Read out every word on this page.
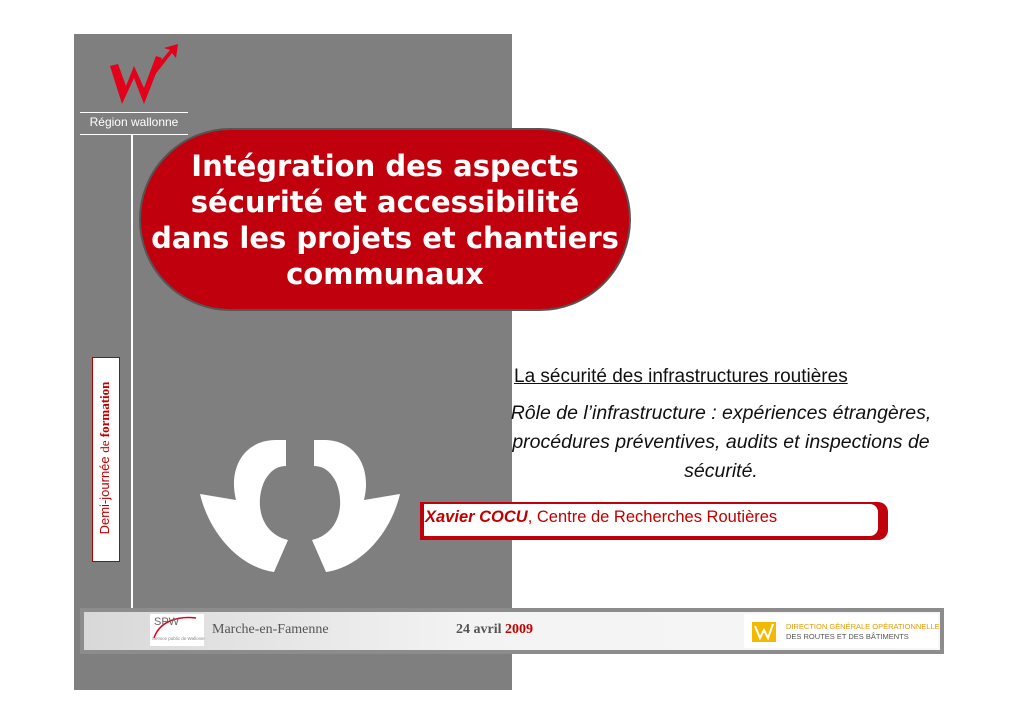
Région wallonne
Demi-journée de formation
Intégration des aspects sécurité et accessibilité dans les projets et chantiers communaux
La sécurité des infrastructures routières
Rôle de l’infrastructure : expériences étrangères, procédures préventives, audits et inspections de sécurité.
Xavier COCU, Centre de Recherches Routières
SPW
Service public de Wallonie
Marche-en-Famenne	24 avril 2009	DIRECTION GÉNÉRALE OPÉRATIONNELLE
DES ROUTES ET DES BÂTIMENTS
